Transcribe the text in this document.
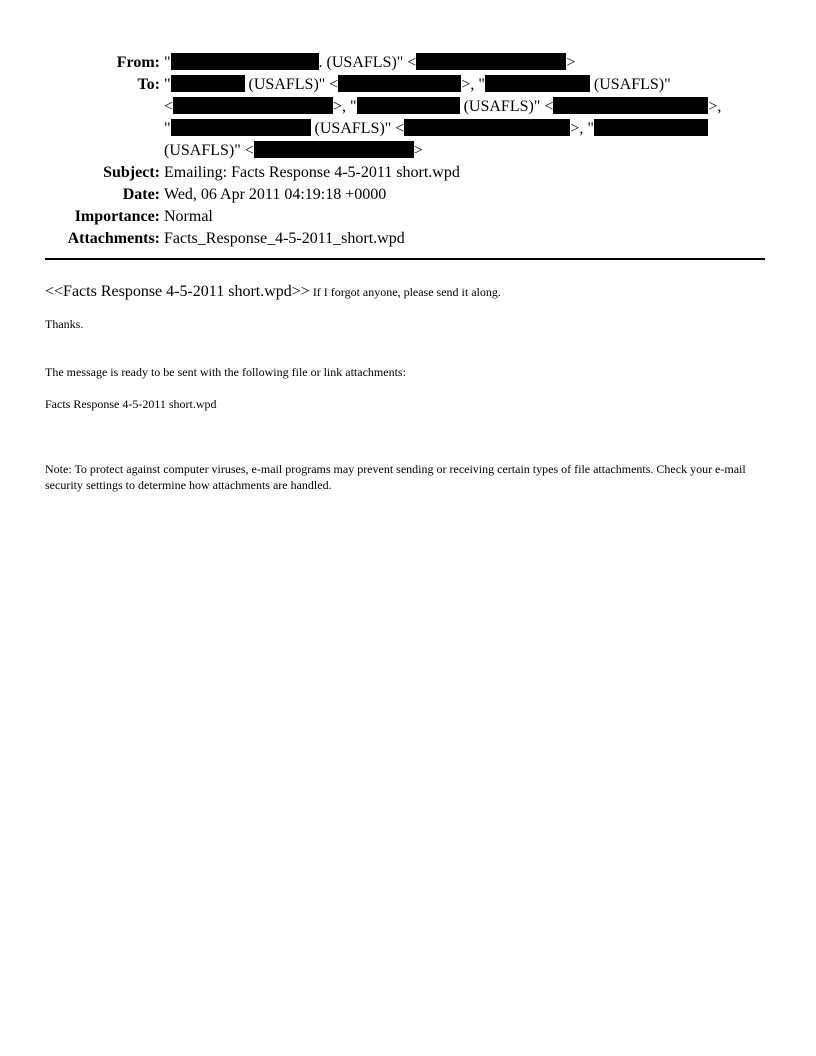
From: "	. (USAFLS)" <	>
To: "	(USAFLS)" <	>, "	(USAFLS)"
<	>, "	(USAFLS)" <	>,
"	(USAFLS)" <	>, "
(USAFLS)" <	>
Subject: Emailing: Facts Response 4-5-2011 short.wpd
Date: Wed, 06 Apr 2011 04:19:18 +0000
Importance: Normal
Attachments: Facts_Response_4-5-2011_short.wpd
<<Facts Response 4-5-2011 short.wpd>> If I forgot anyone, please send it along.
Thanks.
The message is ready to be sent with the following file or link attachments:
Facts Response 4-5-2011 short.wpd
Note: To protect against computer viruses, e-mail programs may prevent sending or receiving certain types of file attachments. Check your e-mail security settings to determine how attachments are handled.
